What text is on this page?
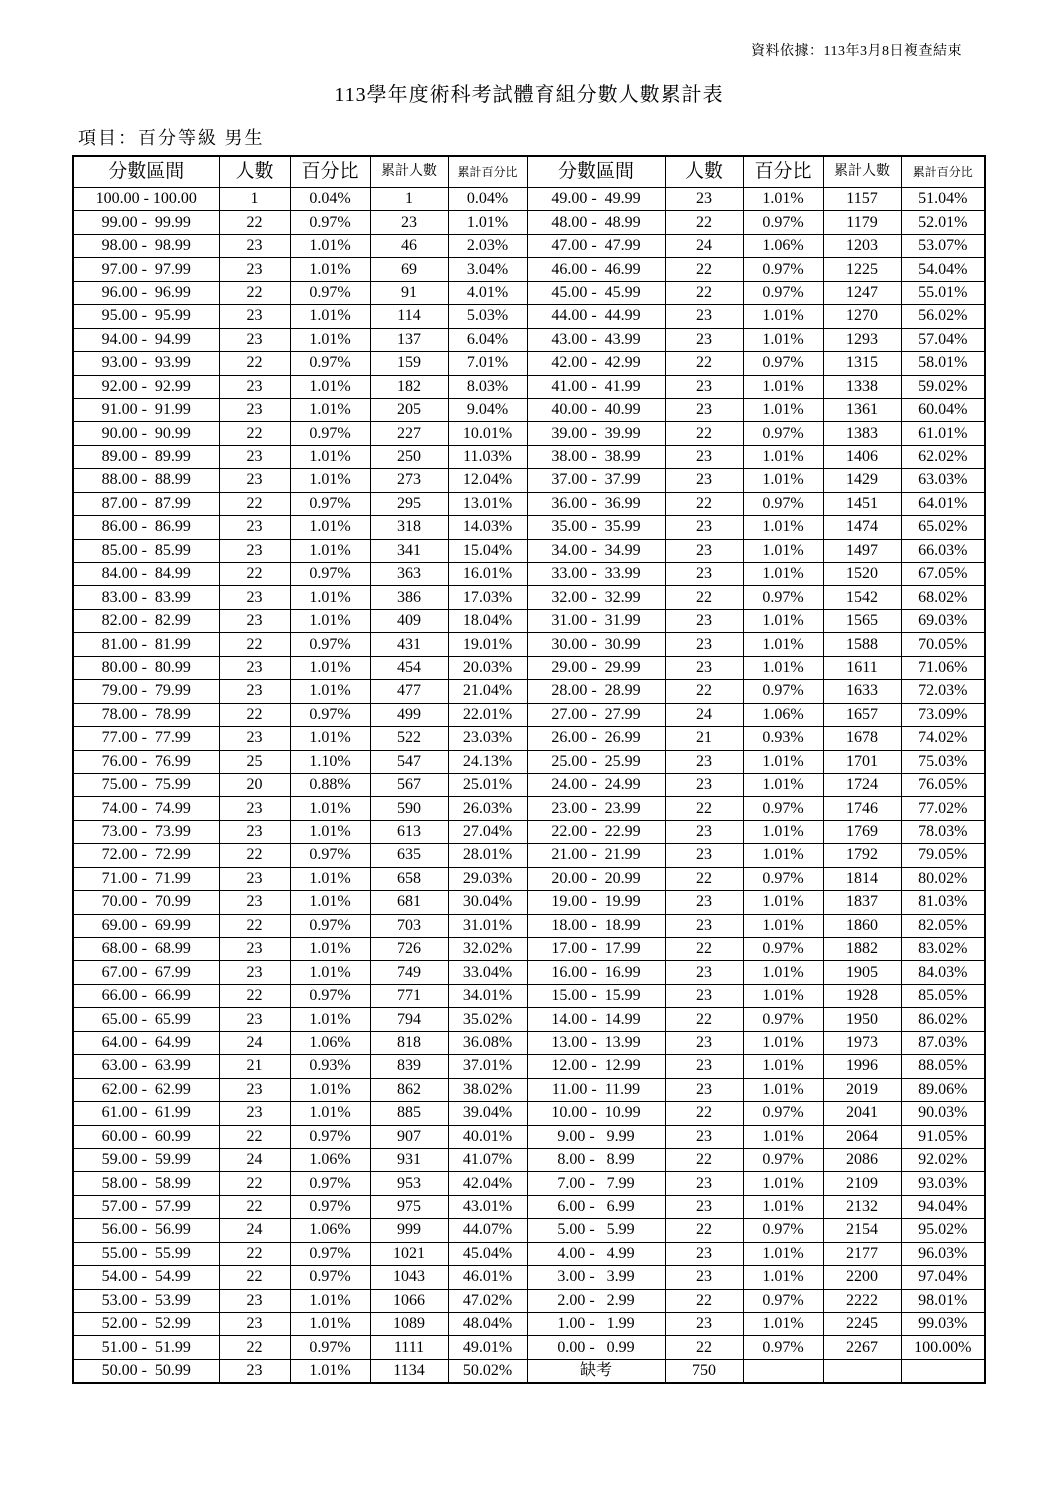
資料依據：113年3月8日複查結束
113學年度術科考試體育組分數人數累計表
項目：百分等級 男生
分數區間	人數	百分比	累計人數	累計百分比	分數區間	人數	百分比	累計人數	累計百分比
100.00 - 100.00	1	0.04%	1	0.04%	49.00 -  49.99	23	1.01%	1157	51.04%
99.00 -  99.99	22	0.97%	23	1.01%	48.00 -  48.99	22	0.97%	1179	52.01%
98.00 -  98.99	23	1.01%	46	2.03%	47.00 -  47.99	24	1.06%	1203	53.07%
97.00 -  97.99	23	1.01%	69	3.04%	46.00 -  46.99	22	0.97%	1225	54.04%
96.00 -  96.99	22	0.97%	91	4.01%	45.00 -  45.99	22	0.97%	1247	55.01%
95.00 -  95.99	23	1.01%	114	5.03%	44.00 -  44.99	23	1.01%	1270	56.02%
94.00 -  94.99	23	1.01%	137	6.04%	43.00 -  43.99	23	1.01%	1293	57.04%
93.00 -  93.99	22	0.97%	159	7.01%	42.00 -  42.99	22	0.97%	1315	58.01%
92.00 -  92.99	23	1.01%	182	8.03%	41.00 -  41.99	23	1.01%	1338	59.02%
91.00 -  91.99	23	1.01%	205	9.04%	40.00 -  40.99	23	1.01%	1361	60.04%
90.00 -  90.99	22	0.97%	227	10.01%	39.00 -  39.99	22	0.97%	1383	61.01%
89.00 -  89.99	23	1.01%	250	11.03%	38.00 -  38.99	23	1.01%	1406	62.02%
88.00 -  88.99	23	1.01%	273	12.04%	37.00 -  37.99	23	1.01%	1429	63.03%
87.00 -  87.99	22	0.97%	295	13.01%	36.00 -  36.99	22	0.97%	1451	64.01%
86.00 -  86.99	23	1.01%	318	14.03%	35.00 -  35.99	23	1.01%	1474	65.02%
85.00 -  85.99	23	1.01%	341	15.04%	34.00 -  34.99	23	1.01%	1497	66.03%
84.00 -  84.99	22	0.97%	363	16.01%	33.00 -  33.99	23	1.01%	1520	67.05%
83.00 -  83.99	23	1.01%	386	17.03%	32.00 -  32.99	22	0.97%	1542	68.02%
82.00 -  82.99	23	1.01%	409	18.04%	31.00 -  31.99	23	1.01%	1565	69.03%
81.00 -  81.99	22	0.97%	431	19.01%	30.00 -  30.99	23	1.01%	1588	70.05%
80.00 -  80.99	23	1.01%	454	20.03%	29.00 -  29.99	23	1.01%	1611	71.06%
79.00 -  79.99	23	1.01%	477	21.04%	28.00 -  28.99	22	0.97%	1633	72.03%
78.00 -  78.99	22	0.97%	499	22.01%	27.00 -  27.99	24	1.06%	1657	73.09%
77.00 -  77.99	23	1.01%	522	23.03%	26.00 -  26.99	21	0.93%	1678	74.02%
76.00 -  76.99	25	1.10%	547	24.13%	25.00 -  25.99	23	1.01%	1701	75.03%
75.00 -  75.99	20	0.88%	567	25.01%	24.00 -  24.99	23	1.01%	1724	76.05%
74.00 -  74.99	23	1.01%	590	26.03%	23.00 -  23.99	22	0.97%	1746	77.02%
73.00 -  73.99	23	1.01%	613	27.04%	22.00 -  22.99	23	1.01%	1769	78.03%
72.00 -  72.99	22	0.97%	635	28.01%	21.00 -  21.99	23	1.01%	1792	79.05%
71.00 -  71.99	23	1.01%	658	29.03%	20.00 -  20.99	22	0.97%	1814	80.02%
70.00 -  70.99	23	1.01%	681	30.04%	19.00 -  19.99	23	1.01%	1837	81.03%
69.00 -  69.99	22	0.97%	703	31.01%	18.00 -  18.99	23	1.01%	1860	82.05%
68.00 -  68.99	23	1.01%	726	32.02%	17.00 -  17.99	22	0.97%	1882	83.02%
67.00 -  67.99	23	1.01%	749	33.04%	16.00 -  16.99	23	1.01%	1905	84.03%
66.00 -  66.99	22	0.97%	771	34.01%	15.00 -  15.99	23	1.01%	1928	85.05%
65.00 -  65.99	23	1.01%	794	35.02%	14.00 -  14.99	22	0.97%	1950	86.02%
64.00 -  64.99	24	1.06%	818	36.08%	13.00 -  13.99	23	1.01%	1973	87.03%
63.00 -  63.99	21	0.93%	839	37.01%	12.00 -  12.99	23	1.01%	1996	88.05%
62.00 -  62.99	23	1.01%	862	38.02%	11.00 -  11.99	23	1.01%	2019	89.06%
61.00 -  61.99	23	1.01%	885	39.04%	10.00 -  10.99	22	0.97%	2041	90.03%
60.00 -  60.99	22	0.97%	907	40.01%	9.00 -   9.99	23	1.01%	2064	91.05%
59.00 -  59.99	24	1.06%	931	41.07%	8.00 -   8.99	22	0.97%	2086	92.02%
58.00 -  58.99	22	0.97%	953	42.04%	7.00 -   7.99	23	1.01%	2109	93.03%
57.00 -  57.99	22	0.97%	975	43.01%	6.00 -   6.99	23	1.01%	2132	94.04%
56.00 -  56.99	24	1.06%	999	44.07%	5.00 -   5.99	22	0.97%	2154	95.02%
55.00 -  55.99	22	0.97%	1021	45.04%	4.00 -   4.99	23	1.01%	2177	96.03%
54.00 -  54.99	22	0.97%	1043	46.01%	3.00 -   3.99	23	1.01%	2200	97.04%
53.00 -  53.99	23	1.01%	1066	47.02%	2.00 -   2.99	22	0.97%	2222	98.01%
52.00 -  52.99	23	1.01%	1089	48.04%	1.00 -   1.99	23	1.01%	2245	99.03%
51.00 -  51.99	22	0.97%	1111	49.01%	0.00 -   0.99	22	0.97%	2267	100.00%
50.00 -  50.99	23	1.01%	1134	50.02%	缺考	750			
